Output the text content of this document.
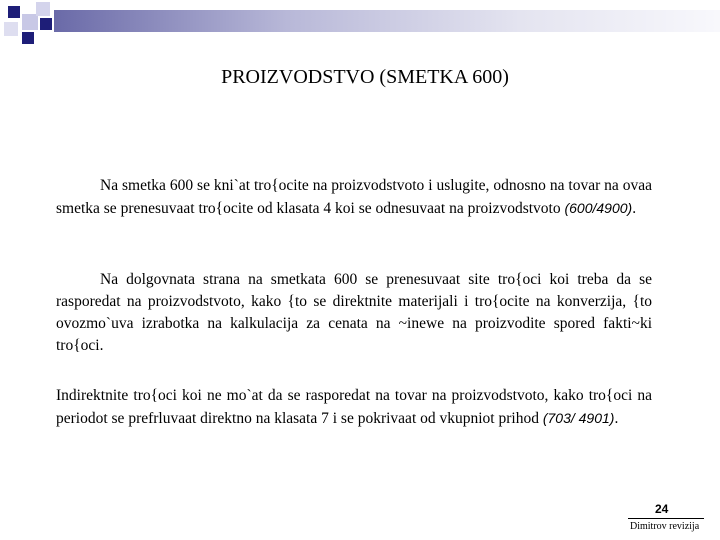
PROIZVODSTVO (SMETKA 600)

Na smetka 600 se kni`at tro{ocite na proizvodstvoto i uslugite, odnosno na tovar na ovaa smetka se prenesuvaat tro{ocite od klasata 4 koi se odnesuvaat na proizvodstvoto (600/4900).

Na dolgovnata strana na smetkata 600 se prenesuvaat site tro{oci koi treba da se rasporedat na proizvodstvoto, kako {to se direktnite materijali i tro{ocite na konverzija, {to ovozmo`uva izrabotka na kalkulacija za cenata na ~inewe na proizvodite spored fakti~ki tro{oci.

Indirektnite tro{oci koi ne mo`at da se rasporedat na tovar na proizvodstvoto, kako tro{oci na periodot se prefrluvaat direktno na klasata 7 i se pokrivaat od vkupniot prihod (703/ 4901).

24
Dimitrov revizija
